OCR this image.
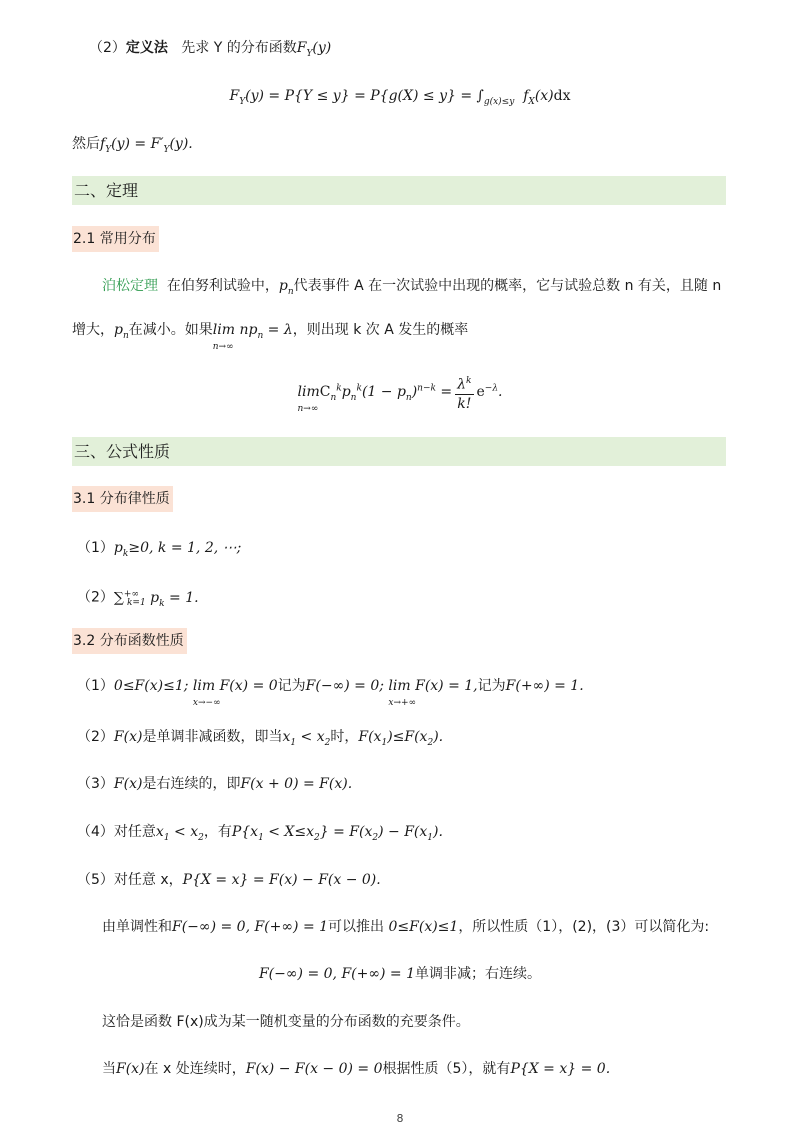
（2）定义法 先求 Y 的分布函数$F_Y(y)$
$F_Y(y) = P\{Y \le y\} = P\{g(X) \le y\} = \int_{g(x)\le y}$  $f_X(x)dx$
然后$f_Y(y) = F'_Y(y)$.
二、定理
2.1 常用分布
泊松定理 在伯努利试验中，$p_n$代表事件 A 在一次试验中出现的概率，它与试验总数 n 有关，且随 n
增大，$p_n$在减小。如果lim
n→∞
$np_n = \lambda$，则出现 k 次 A 发生的概率
lim
n→∞
$C_n^kp_n^k(1 - p_n)^{n-k} = \frac{\lambda^k}{k!} e^{-\lambda}$.
三、公式性质
3.1 分布律性质
$(1)p_k\ge 0$, k = 1, 2, ⋯;
$(2)\sum^{+\infty}_{k=1}$ $p_k = 1$.
3.2 分布函数性质
（1）0≤F(x)≤1; lim
x→−∞
F(x) = 0记为F(−∞) = 0; lim
x→+∞
F(x) = 1,记为F(+∞) = 1.
（2）F(x)是单调非减函数，即当$x_1 < x_2$时，$F(x_1)\le F(x_2)$.
（3）F(x)是右连续的，即F(x + 0) = F(x).
（4）对任意$x_1 < x_2$，有$P\{x_1 < X\le x_2\} = F(x_2) - F(x_1)$.
（5）对任意 x，P{X = x} = F(x) − F(x − 0).
由单调性和F(−∞) = 0, F(+∞) = 1可以推出 0≤F(x)≤1，所以性质（1），(2)，(3）可以简化为:
F(−∞) = 0, F(+∞) = 1单调非减；右连续。
这恰是函数 F(x)成为某一随机变量的分布函数的充要条件。
当F(x)在 x 处连续时，F(x) − F(x − 0) = 0根据性质（5），就有P{X = x} = 0.
8
